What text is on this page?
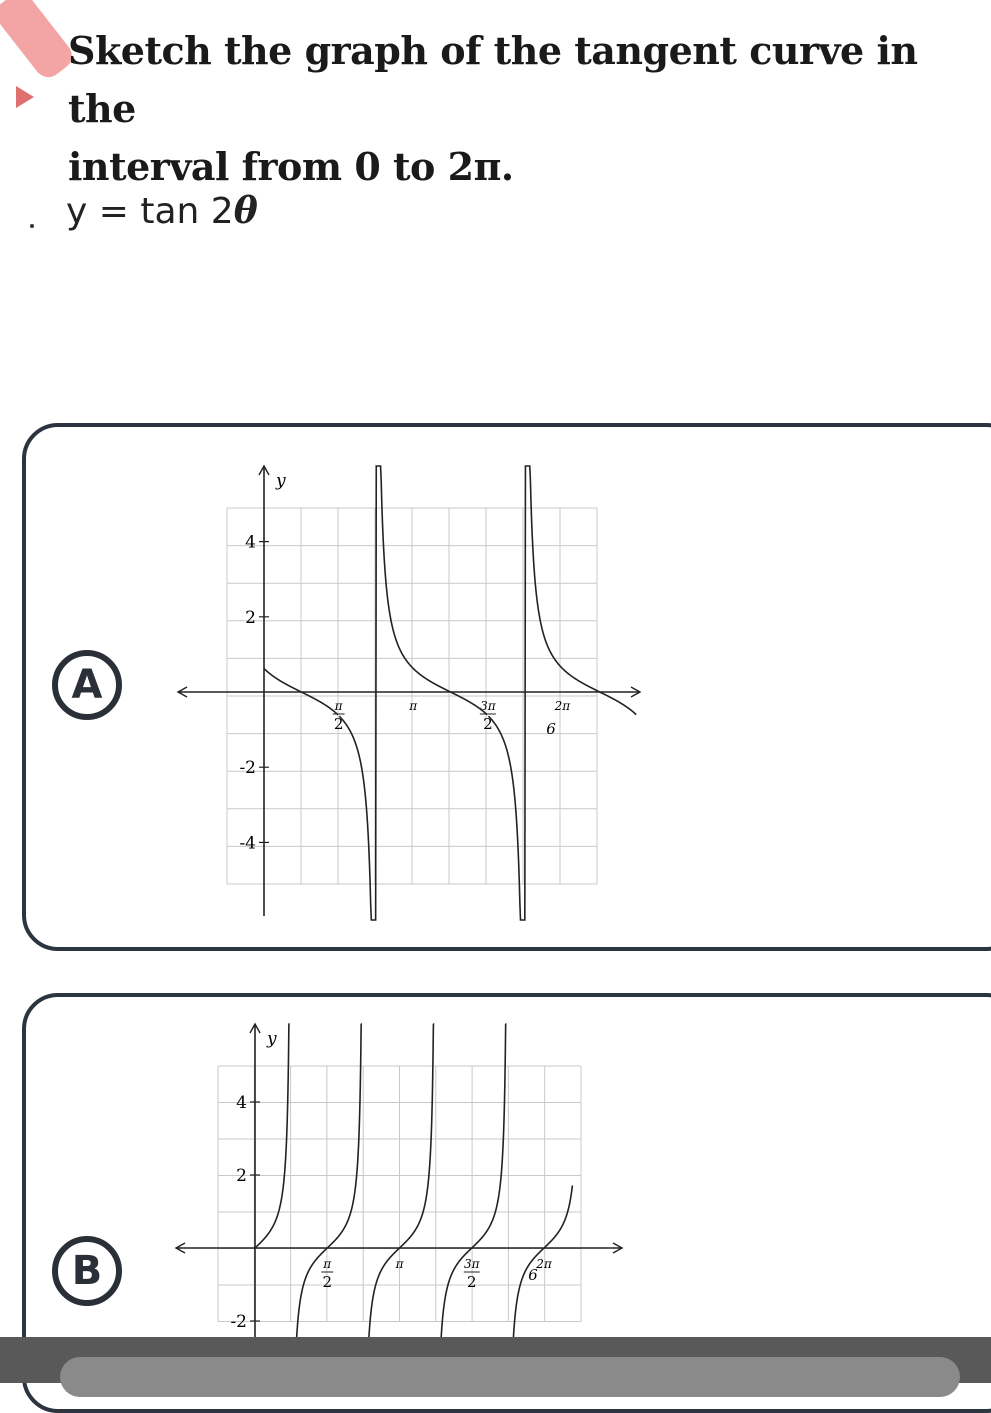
Sketch the graph of the tangent curve in the
interval from 0 to 2π.
y = tan 2θ
A
y
4
2
-2
-4
π
2
π	3π
2
2π
6
B
y
4
2
-2
π
2
π	3π
2
2π
6
